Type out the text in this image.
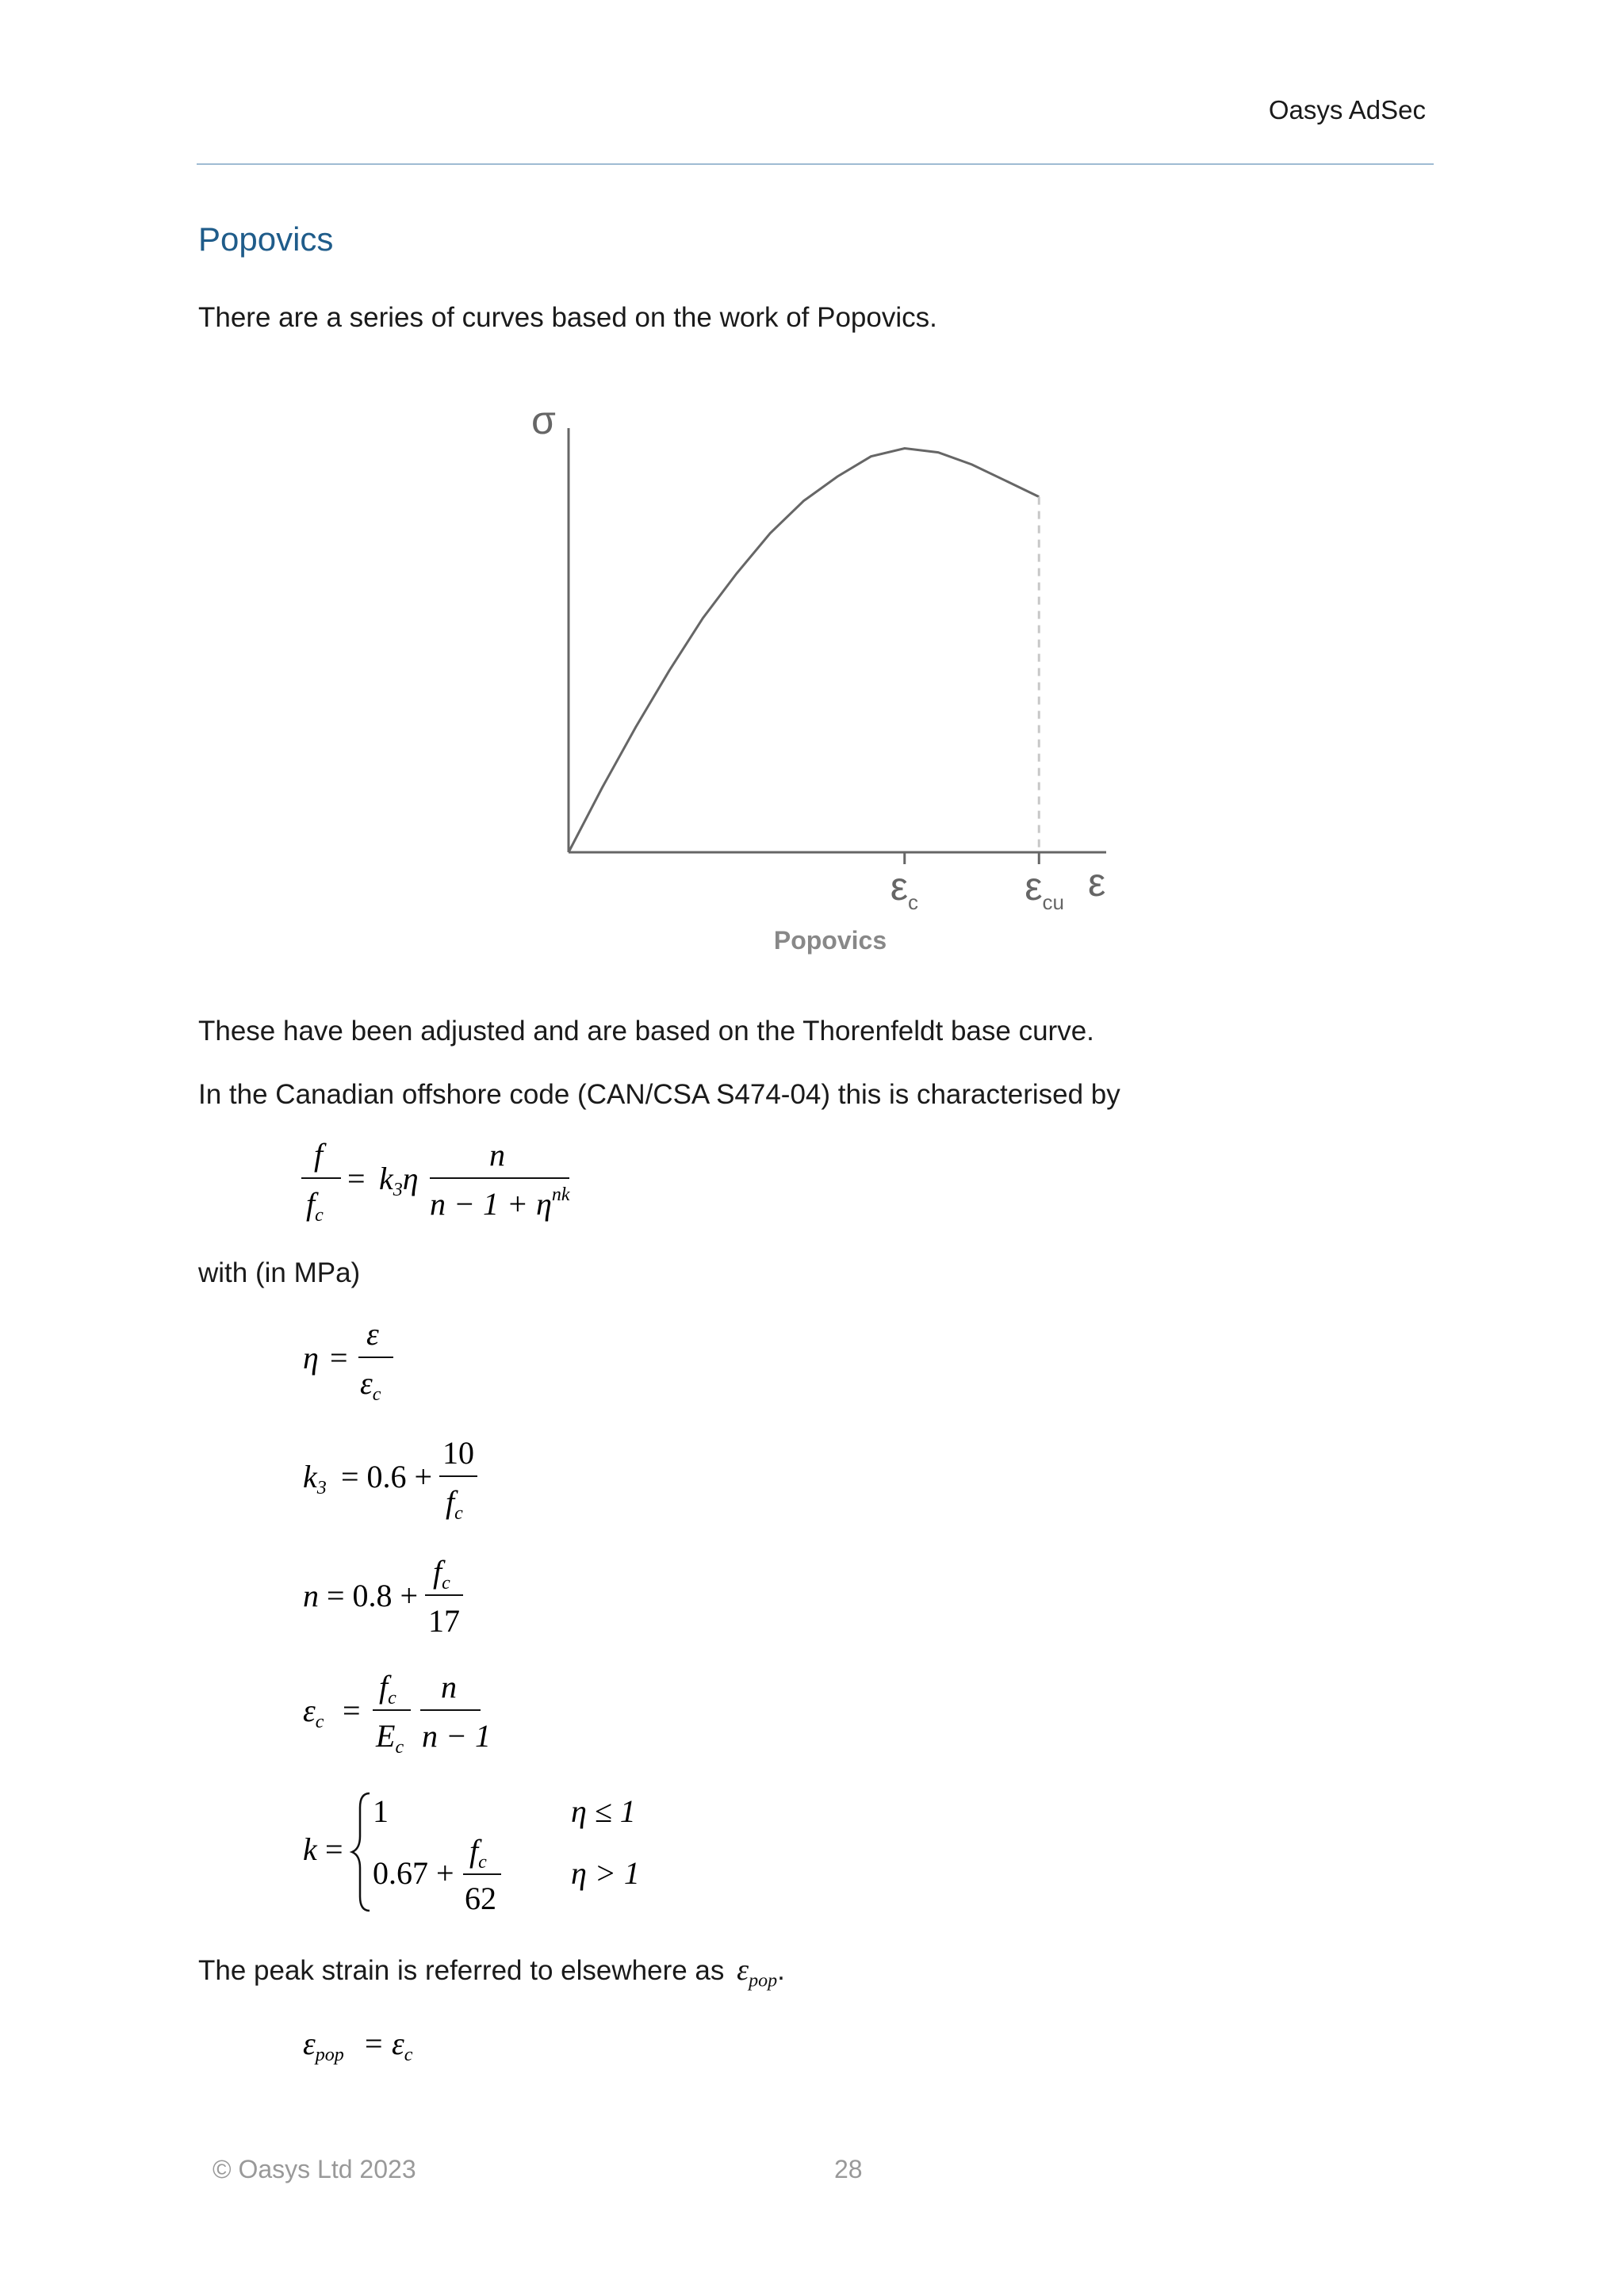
Oasys AdSec
Popovics
There are a series of curves based on the work of Popovics.
σ
ε
$\varepsilon_c$	$\varepsilon_{cu}$
Popovics
These have been adjusted and are based on the Thorenfeldt base curve.
In the Canadian offshore code (CAN/CSA S474-04) this is characterised by
f
$f_c$
= $k_3\eta$
n
$n - 1 + \eta^{nk}$
with (in MPa)
η =
ε
$\varepsilon_c$
$k_3 = 0.6$ +
10
$f_c$
n = 0.8 +
$f_c$
17
$\varepsilon_c$ =
$f_c$
$E_c$
n
n − 1
k =
1	η ≤ 1
0.67 +
$f_c$
62
η > 1
The peak strain is referred to elsewhere as $\varepsilon_{pop}$.
$\varepsilon_{pop} = \varepsilon_c$
© Oasys Ltd 2023	28
